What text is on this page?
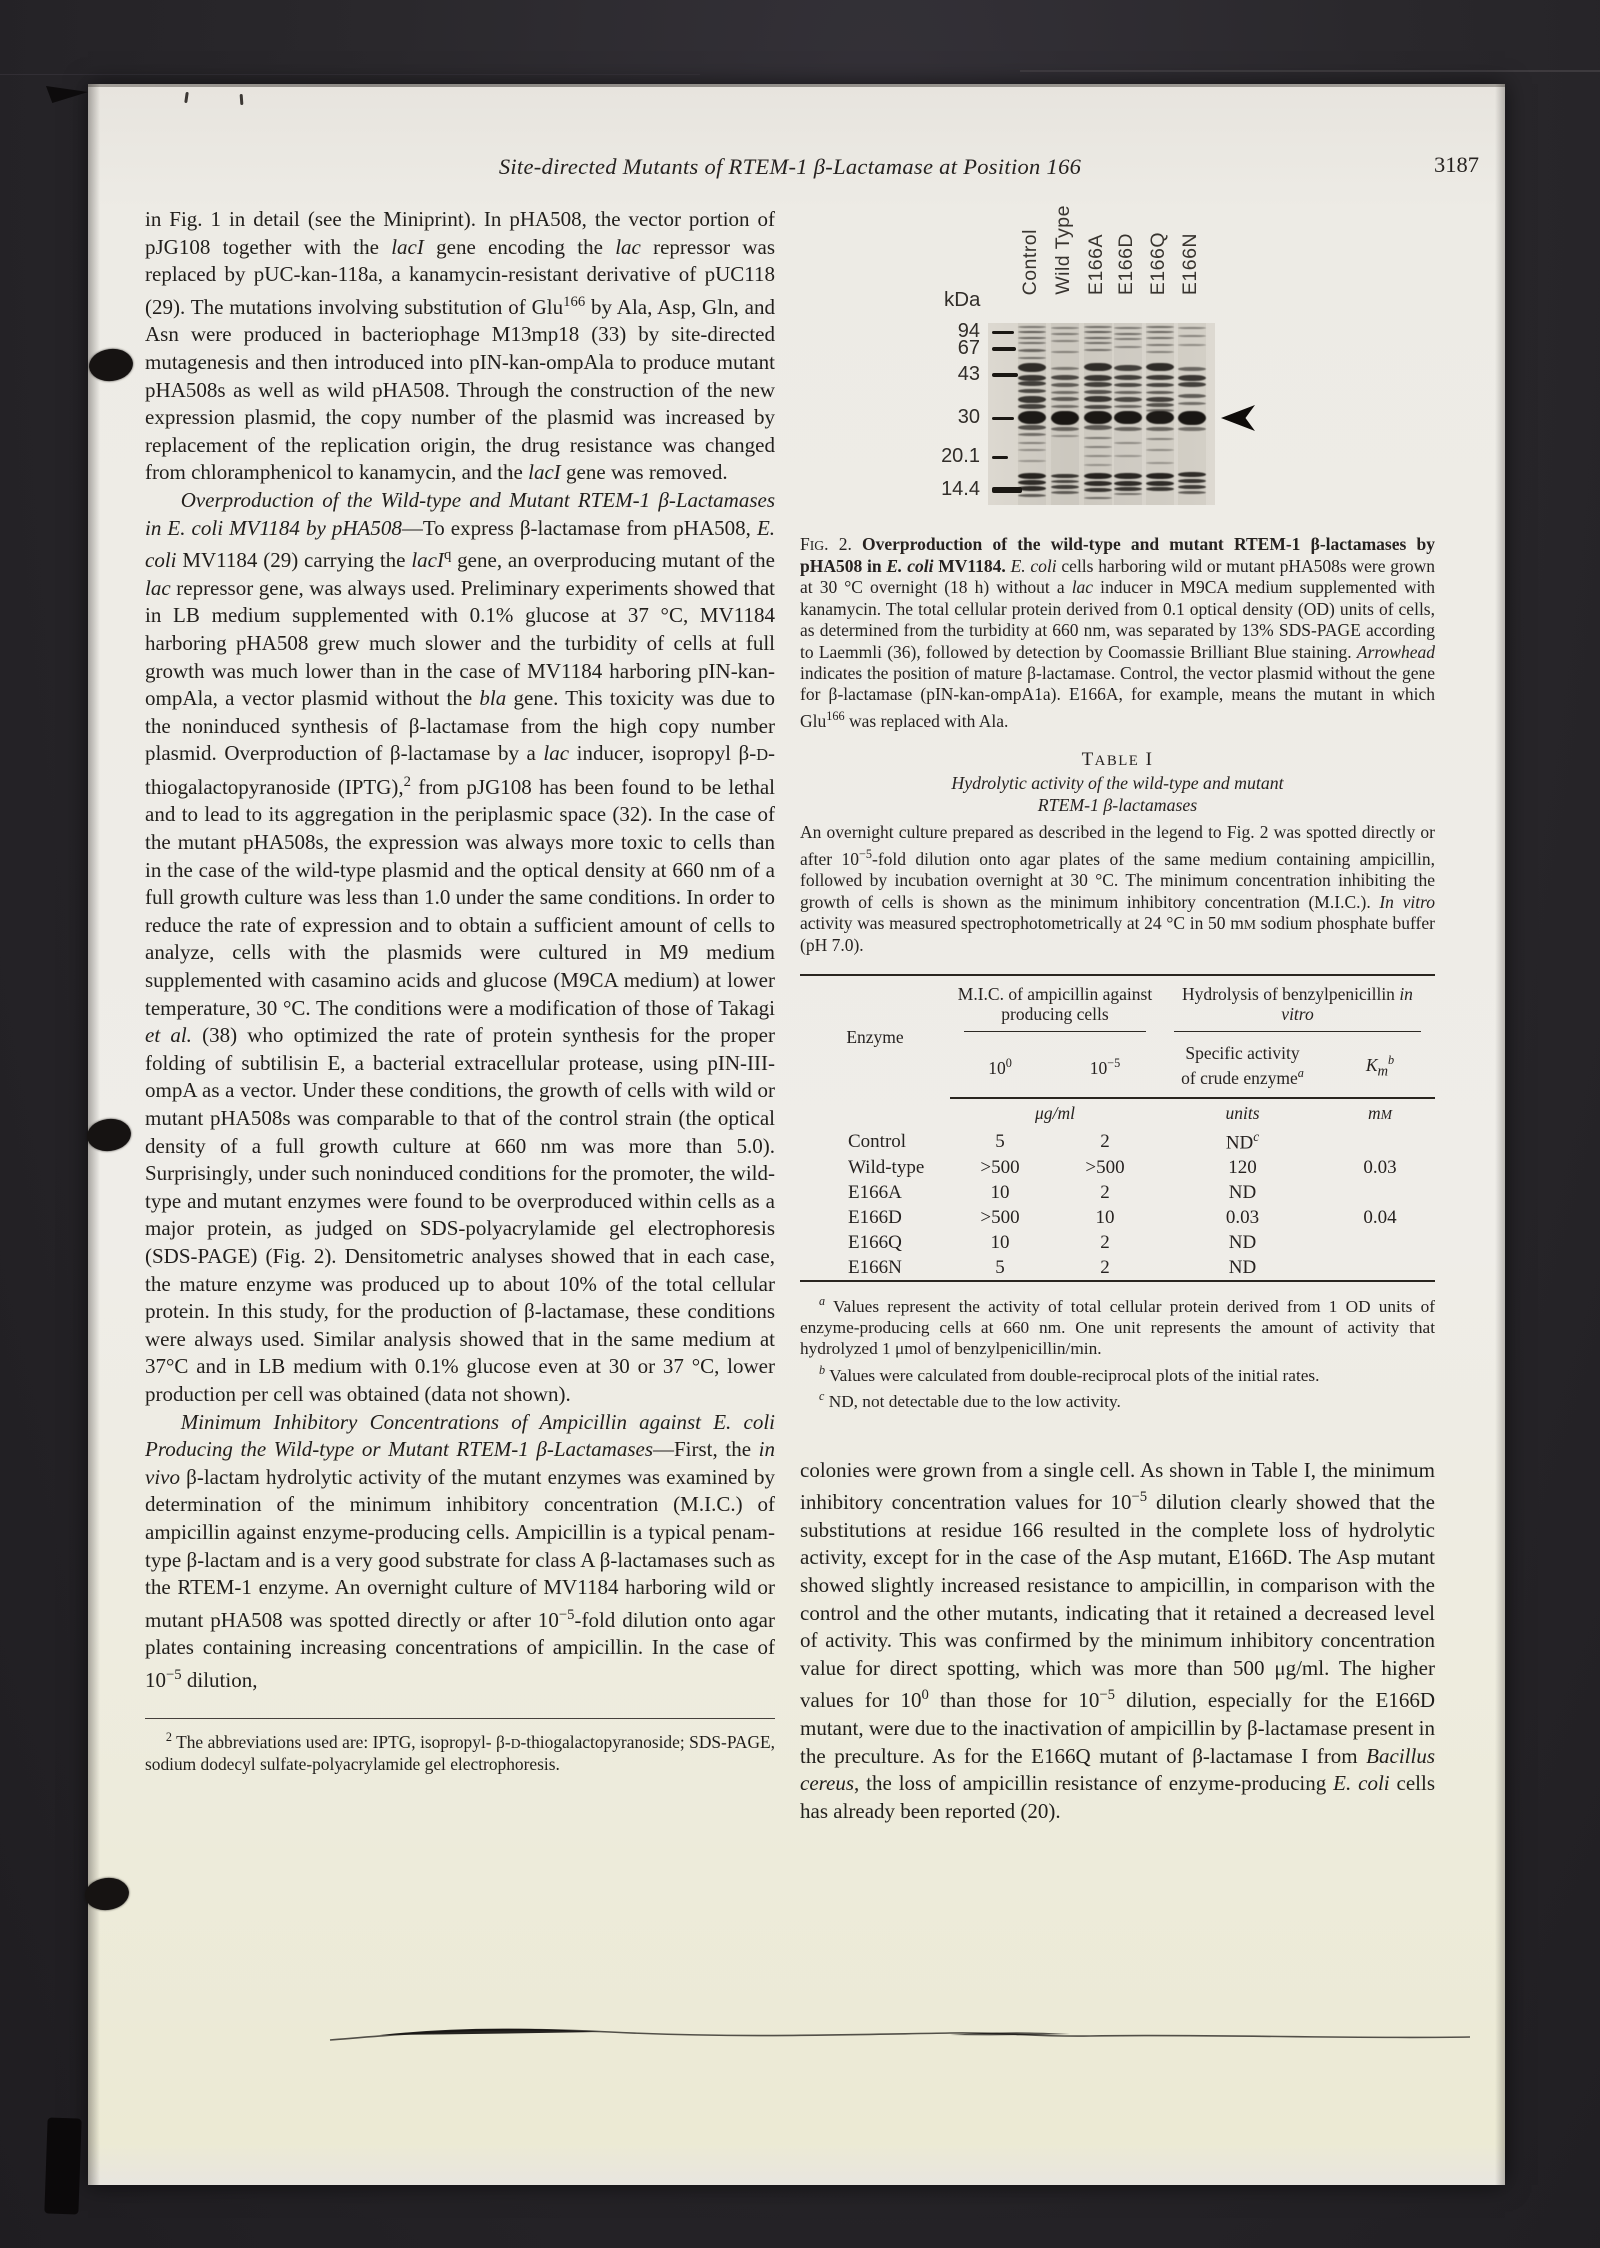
Site-directed Mutants of RTEM-1 β-Lactamase at Position 166	3187

in Fig. 1 in detail (see the Miniprint). In pHA508, the vector portion of pJG108 together with the lacI gene encoding the lac repressor was replaced by pUC-kan-118a, a kanamycin-resistant derivative of pUC118 (29). The mutations involving substitution of Glu$^{166}$ by Ala, Asp, Gln, and Asn were produced in bacteriophage M13mp18 (33) by site-directed mutagenesis and then introduced into pIN-kan-ompAla to produce mutant pHA508s as well as wild pHA508. Through the construction of the new expression plasmid, the copy number of the plasmid was increased by replacement of the replication origin, the drug resistance was changed from chloramphenicol to kanamycin, and the lacI gene was removed.

Overproduction of the Wild-type and Mutant RTEM-1 β-Lactamases in E. coli MV1184 by pHA508—To express β-lactamase from pHA508, E. coli MV1184 (29) carrying the lacI$^q$ gene, an overproducing mutant of the lac repressor gene, was always used. Preliminary experiments showed that in LB medium supplemented with 0.1% glucose at 37 °C, MV1184 harboring pHA508 grew much slower and the turbidity of cells at full growth was much lower than in the case of MV1184 harboring pIN-kan-ompAla, a vector plasmid without the bla gene. This toxicity was due to the noninduced synthesis of β-lactamase from the high copy number plasmid. Overproduction of β-lactamase by a lac inducer, isopropyl β-D-thiogalactopyranoside (IPTG),$^2$ from pJG108 has been found to be lethal and to lead to its aggregation in the periplasmic space (32). In the case of the mutant pHA508s, the expression was always more toxic to cells than in the case of the wild-type plasmid and the optical density at 660 nm of a full growth culture was less than 1.0 under the same conditions. In order to reduce the rate of expression and to obtain a sufficient amount of cells to analyze, cells with the plasmids were cultured in M9 medium supplemented with casamino acids and glucose (M9CA medium) at lower temperature, 30 °C. The conditions were a modification of those of Takagi et al. (38) who optimized the rate of protein synthesis for the proper folding of subtilisin E, a bacterial extracellular protease, using pIN-III-ompA as a vector. Under these conditions, the growth of cells with wild or mutant pHA508s was comparable to that of the control strain (the optical density of a full growth culture at 660 nm was more than 5.0). Surprisingly, under such noninduced conditions for the promoter, the wild-type and mutant enzymes were found to be overproduced within cells as a major protein, as judged on SDS-polyacrylamide gel electrophoresis (SDS-PAGE) (Fig. 2). Densitometric analyses showed that in each case, the mature enzyme was produced up to about 10% of the total cellular protein. In this study, for the production of β-lactamase, these conditions were always used. Similar analysis showed that in the same medium at 37°C and in LB medium with 0.1% glucose even at 30 or 37 °C, lower production per cell was obtained (data not shown).

Minimum Inhibitory Concentrations of Ampicillin against E. coli Producing the Wild-type or Mutant RTEM-1 β-Lactamases—First, the in vivo β-lactam hydrolytic activity of the mutant enzymes was examined by determination of the minimum inhibitory concentration (M.I.C.) of ampicillin against enzyme-producing cells. Ampicillin is a typical penam-type β-lactam and is a very good substrate for class A β-lactamases such as the RTEM-1 enzyme. An overnight culture of MV1184 harboring wild or mutant pHA508 was spotted directly or after $10^{-5}$-fold dilution onto agar plates containing increasing concentrations of ampicillin. In the case of $10^{-5}$ dilution,

$^2$ The abbreviations used are: IPTG, isopropyl- β-D-thiogalactopyranoside; SDS-PAGE, sodium dodecyl sulfate-polyacrylamide gel electrophoresis.

kDa
Control Wild Type E166A E166D E166Q E166N
94
67
43
30
20.1
14.4

FIG. 2. Overproduction of the wild-type and mutant RTEM-1 β-lactamases by pHA508 in E. coli MV1184. E. coli cells harboring wild or mutant pHA508s were grown at 30 °C overnight (18 h) without a lac inducer in M9CA medium supplemented with kanamycin. The total cellular protein derived from 0.1 optical density (OD) units of cells, as determined from the turbidity at 660 nm, was separated by 13% SDS-PAGE according to Laemmli (36), followed by detection by Coomassie Brilliant Blue staining. Arrowhead indicates the position of mature β-lactamase. Control, the vector plasmid without the gene for β-lactamase (pIN-kan-ompA1a). E166A, for example, means the mutant in which Glu$^{166}$ was replaced with Ala.

TABLE I
Hydrolytic activity of the wild-type and mutant
RTEM-1 β-lactamases

An overnight culture prepared as described in the legend to Fig. 2 was spotted directly or after $10^{-5}$-fold dilution onto agar plates of the same medium containing ampicillin, followed by incubation overnight at 30 °C. The minimum concentration inhibiting the growth of cells is shown as the minimum inhibitory concentration (M.I.C.). In vitro activity was measured spectrophotometrically at 24 °C in 50 mM sodium phosphate buffer (pH 7.0).

Enzyme	M.I.C. of ampicillin against producing cells		Hydrolysis of benzylpenicillin in vitro	

	$10^0$	$10^{-5}$	Specific activity
of crude enzyme$^a$	$K_m^b$
	μg/ml		units	mM
Control	5	2	$ND^c$	
Wild-type	>500	>500	120	0.03
E166A	10	2	ND	
E166D	>500	10	0.03	0.04
E166Q	10	2	ND	
E166N	5	2	ND	

$^a$ Values represent the activity of total cellular protein derived from 1 OD units of enzyme-producing cells at 660 nm. One unit represents the amount of activity that hydrolyzed 1 μmol of benzylpenicillin/min.

$^b$ Values were calculated from double-reciprocal plots of the initial rates.

$^c$ ND, not detectable due to the low activity.

colonies were grown from a single cell. As shown in Table I, the minimum inhibitory concentration values for $10^{-5}$ dilution clearly showed that the substitutions at residue 166 resulted in the complete loss of hydrolytic activity, except for in the case of the Asp mutant, E166D. The Asp mutant showed slightly increased resistance to ampicillin, in comparison with the control and the other mutants, indicating that it retained a decreased level of activity. This was confirmed by the minimum inhibitory concentration value for direct spotting, which was more than 500 μg/ml. The higher values for $10^0$ than those for $10^{-5}$ dilution, especially for the E166D mutant, were due to the inactivation of ampicillin by β-lactamase present in the preculture. As for the E166Q mutant of β-lactamase I from Bacillus cereus, the loss of ampicillin resistance of enzyme-producing E. coli cells has already been reported (20).
